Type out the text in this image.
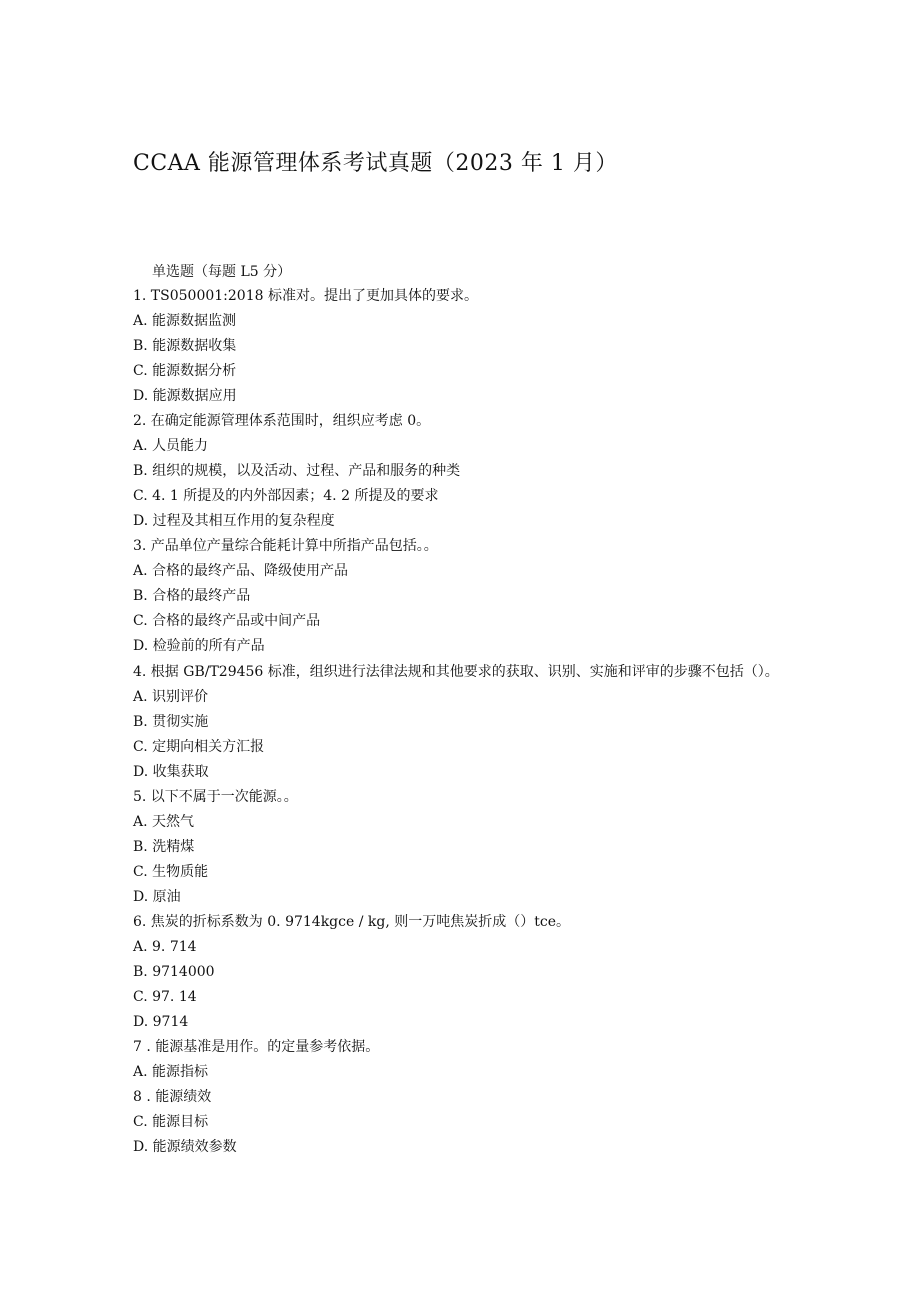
CCAA 能源管理体系考试真题（2023 年 1 月）
单选题（每题 L5 分）
1. TS050001:2018 标准对。提出了更加具体的要求。
A. 能源数据监测
B. 能源数据收集
C. 能源数据分析
D. 能源数据应用
2. 在确定能源管理体系范围时，组织应考虑 0。
A. 人员能力
B. 组织的规模，以及活动、过程、产品和服务的种类
C. 4. 1 所提及的内外部因素；4. 2 所提及的要求
D. 过程及其相互作用的复杂程度
3. 产品单位产量综合能耗计算中所指产品包括。。
A. 合格的最终产品、降级使用产品
B. 合格的最终产品
C. 合格的最终产品或中间产品
D. 检验前的所有产品
4. 根据 GB/T29456 标准，组织进行法律法规和其他要求的获取、识别、实施和评审的步骤不包括（）。
A. 识别评价
B. 贯彻实施
C. 定期向相关方汇报
D. 收集获取
5. 以下不属于一次能源。。
A. 天然气
B. 洗精煤
C. 生物质能
D. 原油
6. 焦炭的折标系数为 0. 9714kgce / kg, 则一万吨焦炭折成（）tce。
A. 9. 714
B. 9714000
C. 97. 14
D. 9714
7 . 能源基准是用作。的定量参考依据。
A. 能源指标
8 . 能源绩效
C. 能源目标
D. 能源绩效参数
